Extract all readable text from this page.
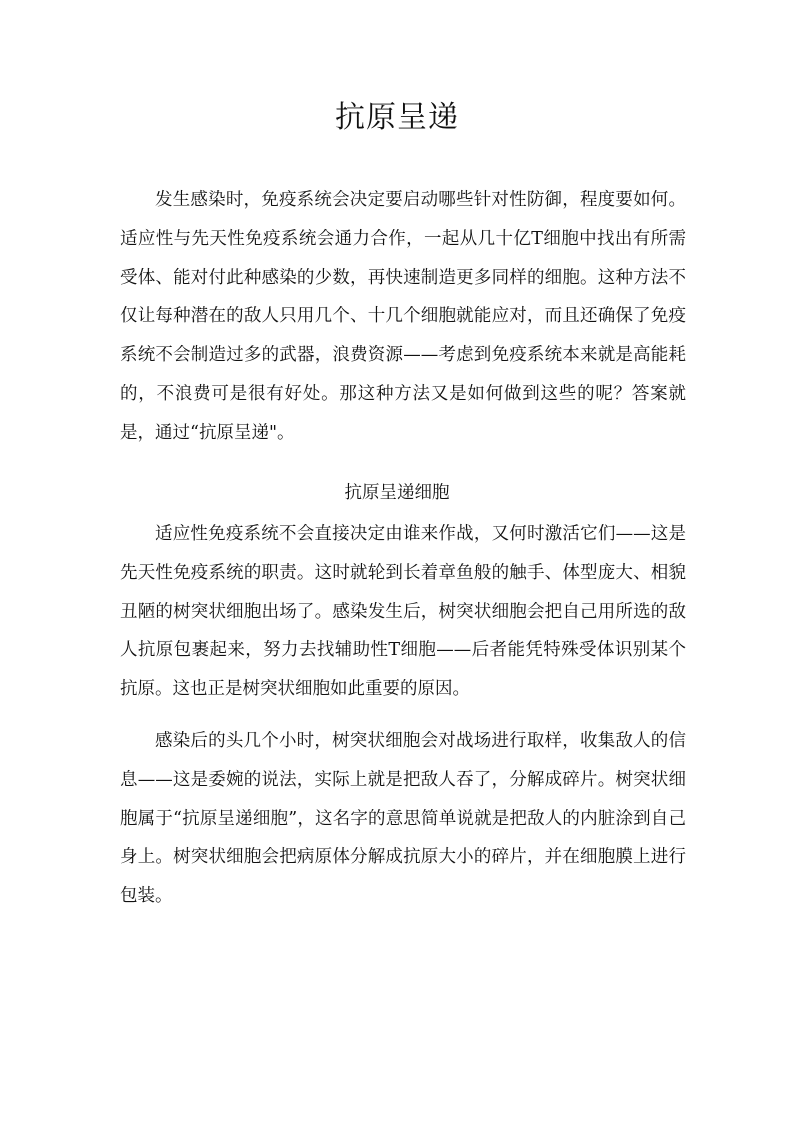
抗原呈递

发生感染时，免疫系统会决定要启动哪些针对性防御，程度要如何。适应性与先天性免疫系统会通力合作，一起从几十亿T细胞中找出有所需受体、能对付此种感染的少数，再快速制造更多同样的细胞。这种方法不仅让每种潜在的敌人只用几个、十几个细胞就能应对，而且还确保了免疫系统不会制造过多的武器，浪费资源——考虑到免疫系统本来就是高能耗的，不浪费可是很有好处。那这种方法又是如何做到这些的呢？答案就是，通过“抗原呈递"。

抗原呈递细胞

适应性免疫系统不会直接决定由谁来作战，又何时激活它们——这是先天性免疫系统的职责。这时就轮到长着章鱼般的触手、体型庞大、相貌丑陋的树突状细胞出场了。感染发生后，树突状细胞会把自己用所选的敌人抗原包裹起来，努力去找辅助性T细胞——后者能凭特殊受体识别某个抗原。这也正是树突状细胞如此重要的原因。

感染后的头几个小时，树突状细胞会对战场进行取样，收集敌人的信息——这是委婉的说法，实际上就是把敌人吞了，分解成碎片。树突状细胞属于“抗原呈递细胞”，这名字的意思简单说就是把敌人的内脏涂到自己身上。树突状细胞会把病原体分解成抗原大小的碎片，并在细胞膜上进行包装。
